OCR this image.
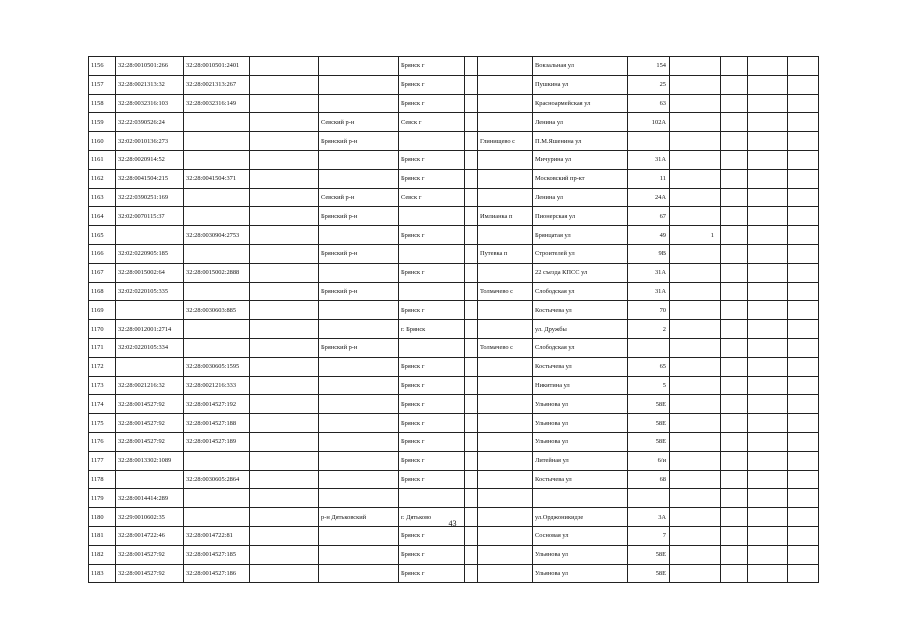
1156	32:28:0010501:266	32:28:0010501:2401			Брянск г			Вокзальная ул	154				
1157	32:28:0021313:32	32:28:0021313:267			Брянск г			Пушкина ул	25				
1158	32:28:0032316:103	32:28:0032316:149			Брянск г			Красноармейская ул	63				
1159	32:22:0390526:24			Севский р-н	Севск г			Ленина ул	102А				
1160	32:02:0010136:273			Брянский р-н			Глинищево с	П.М.Яшенина ул					
1161	32:28:0020914:52				Брянск г			Мичурина ул	31А				
1162	32:28:0041504:215	32:28:0041504:371			Брянск г			Московский пр-кт	11				
1163	32:22:0390251:169			Севский р-н	Севск г			Ленина ул	24А				
1164	32:02:0070115:37			Брянский р-н			Имлианка п	Пионерская ул	67				
1165		32:28:0030904:2753			Брянск г			Брянцатая ул	49	1			
1166	32:02:0220905:185			Брянский р-н			Путевка п	Строителей ул	9В				
1167	32:28:0015002:64	32:28:0015002:2888			Брянск г			22 съезда КПСС ул	31А				
1168	32:02:0220105:335			Брянский р-н			Толмачево с	Слободская ул	31А				
1169		32:28:0030603:885			Брянск г			Костычева ул	70				
1170	32:28:0012001:2714				г. Брянск			ул. Дружбы	2				
1171	32:02:0220105:334			Брянский р-н			Толмачево с	Слободская ул					
1172		32:28:0030605:1595			Брянск г			Костычева ул	65				
1173	32:28:0021216:32	32:28:0021216:333			Брянск г			Никитина ул	5				
1174	32:28:0014527:92	32:28:0014527:192			Брянск г			Ульянова ул	58Е				
1175	32:28:0014527:92	32:28:0014527:188			Брянск г			Ульянова ул	58Е				
1176	32:28:0014527:92	32:28:0014527:189			Брянск г			Ульянова ул	58Е				
1177	32:28:0013302:1089				Брянск г			Литейная ул	6/и				
1178		32:28:0030605:2864			Брянск г			Костычева ул	68				
1179	32:28:0014414:289												
1180	32:29:0010602:35			р-н Дятьковский	г. Дятьково			ул.Орджоникидзе	3А				
1181	32:28:0014722:46	32:28:0014722:81			Брянск г			Сосновая ул	7				
1182	32:28:0014527:92	32:28:0014527:185			Брянск г			Ульянова ул	58Е				
1183	32:28:0014527:92	32:28:0014527:186			Брянск г			Ульянова ул	58Е				
43
